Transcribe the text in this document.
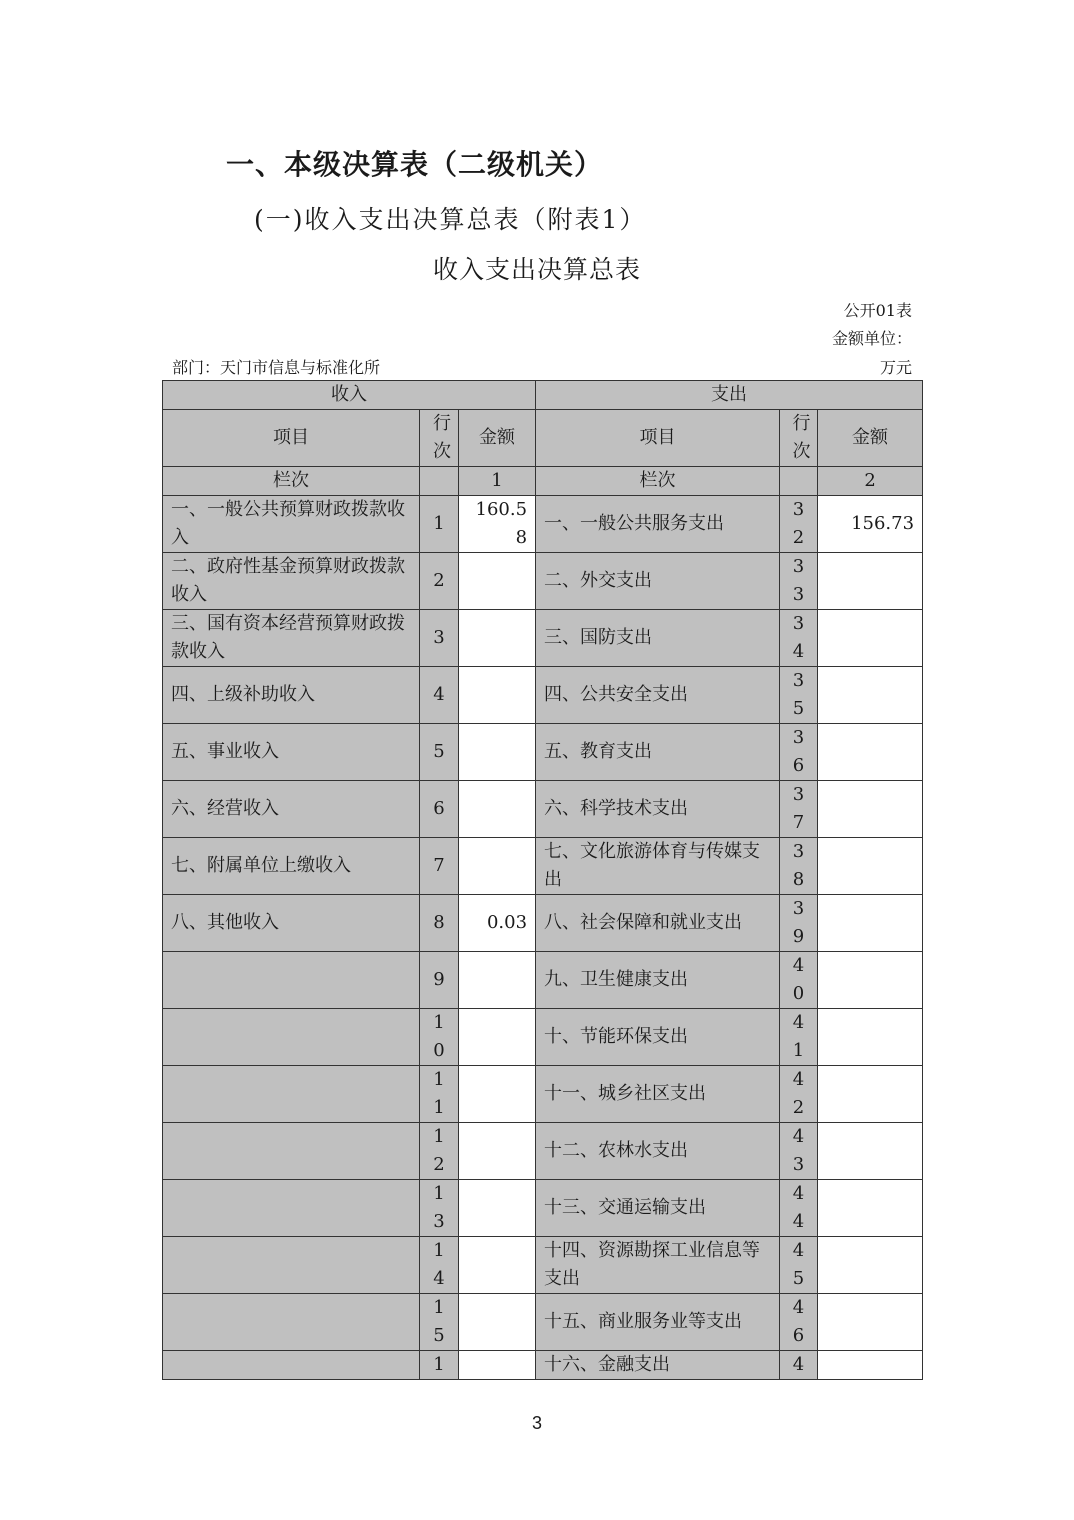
一、本级决算表（二级机关）
(一)收入支出决算总表（附表1）
收入支出决算总表
公开01表
金额单位：
万元
部门：天门市信息与标准化所
收入			支出		
项目	行次	金额	项目	行次	金额
栏次		1	栏次		2
一、一般公共预算财政拨款收入	1	160.58	一、一般公共服务支出	32	156.73
二、政府性基金预算财政拨款收入	2		二、外交支出	33	
三、国有资本经营预算财政拨款收入	3		三、国防支出	34	
四、上级补助收入	4		四、公共安全支出	35	
五、事业收入	5		五、教育支出	36	
六、经营收入	6		六、科学技术支出	37	
七、附属单位上缴收入	7		七、文化旅游体育与传媒支出	38	
八、其他收入	8	0.03	八、社会保障和就业支出	39	
	9		九、卫生健康支出	40	
	10		十、节能环保支出	41	
	11		十一、城乡社区支出	42	
	12		十二、农林水支出	43	
	13		十三、交通运输支出	44	
	14		十四、资源勘探工业信息等支出	45	
	15		十五、商业服务业等支出	46	
	1		十六、金融支出	4	
3
